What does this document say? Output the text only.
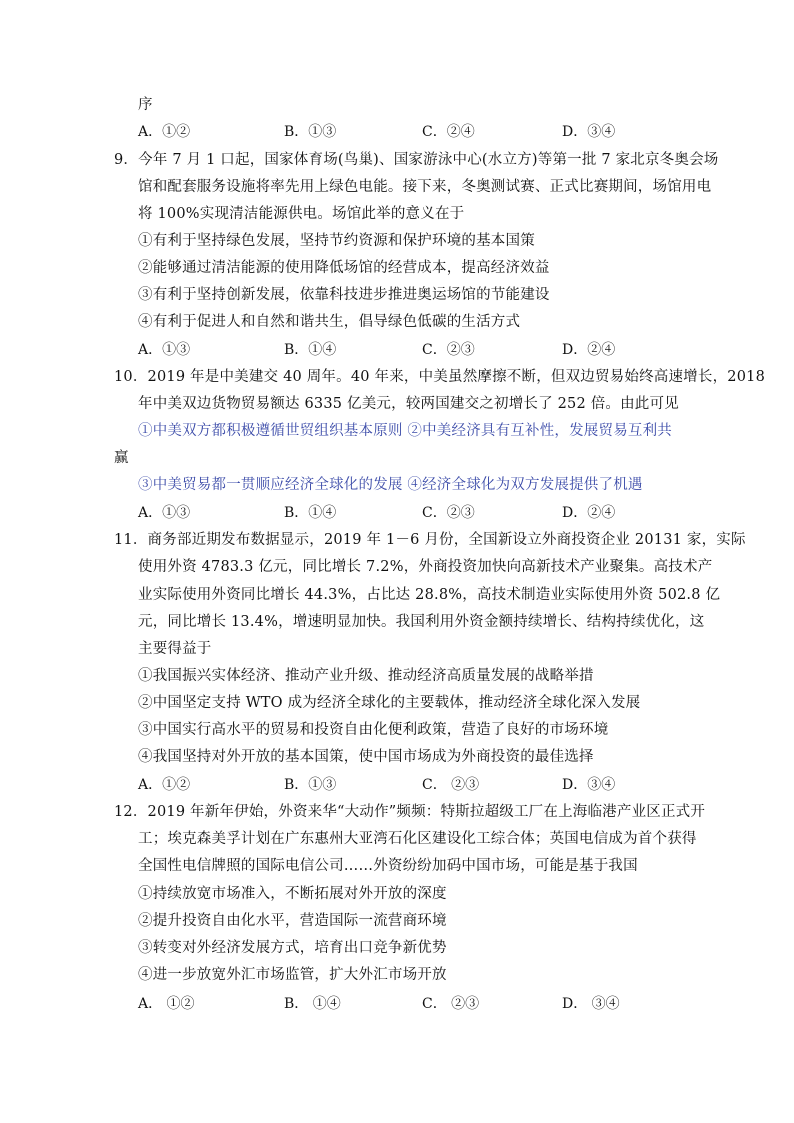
序
A．①②	B．①③	C．②④	D．③④
9．今年 7 月 1 口起，国家体育场(鸟巢)、国家游泳中心(水立方)等第一批 7 家北京冬奥会场
馆和配套服务设施将率先用上绿色电能。接下来，冬奥测试赛、正式比赛期间，场馆用电
将 100%实现清洁能源供电。场馆此举的意义在于
①有利于坚持绿色发展，坚持节约资源和保护环境的基本国策
②能够通过清洁能源的使用降低场馆的经营成本，提高经济效益
③有利于坚持创新发展，依靠科技进步推进奥运场馆的节能建设
④有利于促进人和自然和谐共生，倡导绿色低碳的生活方式
A．①③	B．①④	C．②③	D．②④
10．2019 年是中美建交 40 周年。40 年来，中美虽然摩擦不断，但双边贸易始终高速增长，2018
年中美双边货物贸易额达 6335 亿美元，较两国建交之初增长了 252 倍。由此可见
①中美双方都积极遵循世贸组织基本原则 ②中美经济具有互补性，发展贸易互利共
赢
③中美贸易都一贯顺应经济全球化的发展 ④经济全球化为双方发展提供了机遇
A．①③	B．①④	C．②③	D．②④
11．商务部近期发布数据显示，2019 年 1－6 月份，全国新设立外商投资企业 20131 家，实际
使用外资 4783.3 亿元，同比增长 7.2%，外商投资加快向高新技术产业聚集。高技术产
业实际使用外资同比增长 44.3%，占比达 28.8%，高技术制造业实际使用外资 502.8 亿
元，同比增长 13.4%，增速明显加快。我国利用外资金额持续增长、结构持续优化，这
主要得益于
①我国振兴实体经济、推动产业升级、推动经济高质量发展的战略举措
②中国坚定支持 WTO 成为经济全球化的主要载体，推动经济全球化深入发展
③中国实行高水平的贸易和投资自由化便利政策，营造了良好的市场环境
④我国坚持对外开放的基本国策，使中国市场成为外商投资的最佳选择
A．①②	B．①③	C． ②③	D．③④
12．2019 年新年伊始，外资来华“大动作”频频：特斯拉超级工厂在上海临港产业区正式开
工；埃克森美孚计划在广东惠州大亚湾石化区建设化工综合体；英国电信成为首个获得
全国性电信牌照的国际电信公司……外资纷纷加码中国市场，可能是基于我国
①持续放宽市场准入，不断拓展对外开放的深度
②提升投资自由化水平，营造国际一流营商环境
③转变对外经济发展方式，培育出口竞争新优势
④进一步放宽外汇市场监管，扩大外汇市场开放
A． ①②	B． ①④	C． ②③	D． ③④
